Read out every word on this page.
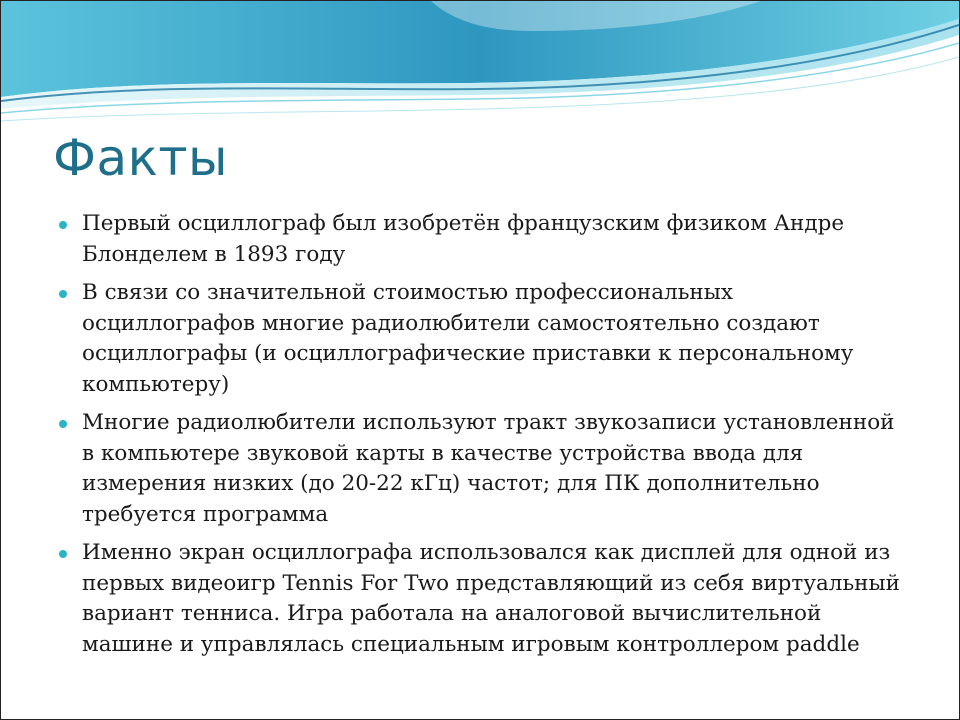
Факты
Первый осциллограф был изобретён французским физиком Андре Блонделем в 1893 году
В связи со значительной стоимостью профессиональных осциллографов многие радиолюбители самостоятельно создают осциллографы (и осциллографические приставки к персональному компьютеру)
Многие радиолюбители используют тракт звукозаписи установленной в компьютере звуковой карты в качестве устройства ввода для измерения низких (до 20-22 кГц) частот; для ПК дополнительно требуется программа
Именно экран осциллографа использовался как дисплей для одной из первых видеоигр Tennis For Two представляющий из себя виртуальный вариант тенниса. Игра работала на аналоговой вычислительной машине и управлялась специальным игровым контроллером paddle
